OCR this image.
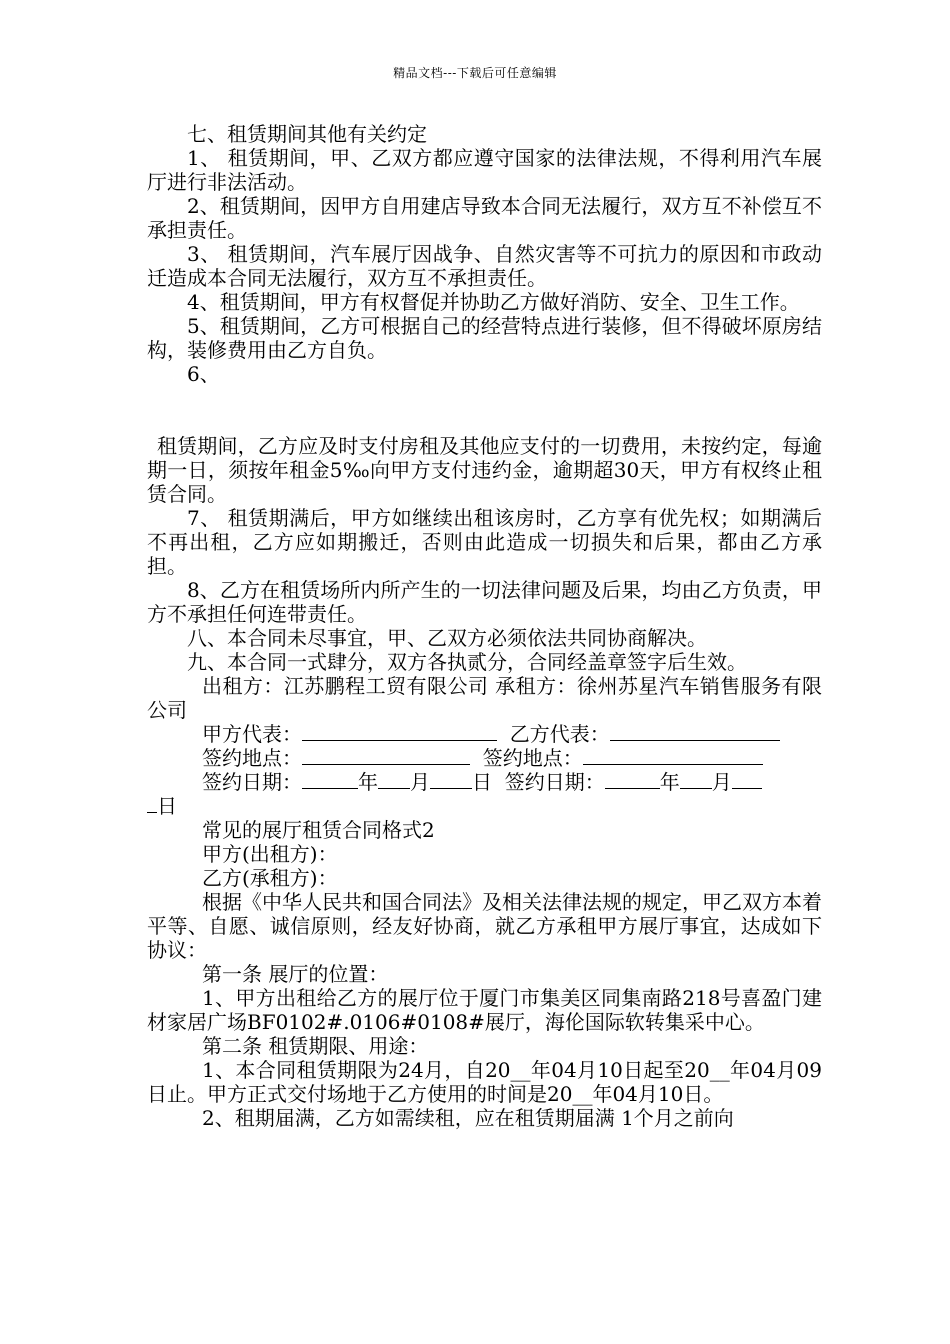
精品文档---下载后可任意编辑

七、租赁期间其他有关约定

1、 租赁期间，甲、乙双方都应遵守国家的法律法规，不得利用汽车展厅进行非法活动。

2、租赁期间，因甲方自用建店导致本合同无法履行，双方互不补偿互不承担责任。

3、 租赁期间，汽车展厅因战争、自然灾害等不可抗力的原因和市政动迁造成本合同无法履行，双方互不承担责任。

4、租赁期间，甲方有权督促并协助乙方做好消防、安全、卫生工作。

5、租赁期间，乙方可根据自己的经营特点进行装修，但不得破坏原房结构，装修费用由乙方自负。

6、

租赁期间，乙方应及时支付房租及其他应支付的一切费用，未按约定，每逾期一日，须按年租金5‰向甲方支付违约金，逾期超30天，甲方有权终止租赁合同。

7、 租赁期满后，甲方如继续出租该房时，乙方享有优先权；如期满后不再出租，乙方应如期搬迁，否则由此造成一切损失和后果，都由乙方承担。

8、乙方在租赁场所内所产生的一切法律问题及后果，均由乙方负责，甲方不承担任何连带责任。

八、本合同未尽事宜，甲、乙双方必须依法共同协商解决。

九、本合同一式肆分，双方各执贰分，合同经盖章签字后生效。

出租方：江苏鹏程工贸有限公司 承租方：徐州苏星汽车销售服务有限公司

甲方代表：	乙方代表：

签约地点：	签约地点：

签约日期：	年 月 日 签约日期：	年 月

日

常见的展厅租赁合同格式2

甲方(出租方)：

乙方(承租方)：

根据《中华人民共和国合同法》及相关法律法规的规定，甲乙双方本着平等、自愿、诚信原则，经友好协商，就乙方承租甲方展厅事宜，达成如下协议：

第一条 展厅的位置：

1、甲方出租给乙方的展厅位于厦门市集美区同集南路218号喜盈门建材家居广场BF0102#.0106#0108#展厅，海伦国际软转集采中心。

第二条 租赁期限、用途：

1、本合同租赁期限为24月，自20__年04月10日起至20__年04月09日止。甲方正式交付场地于乙方使用的时间是20__年04月10日。

2、租期届满，乙方如需续租，应在租赁期届满 1个月之前向
